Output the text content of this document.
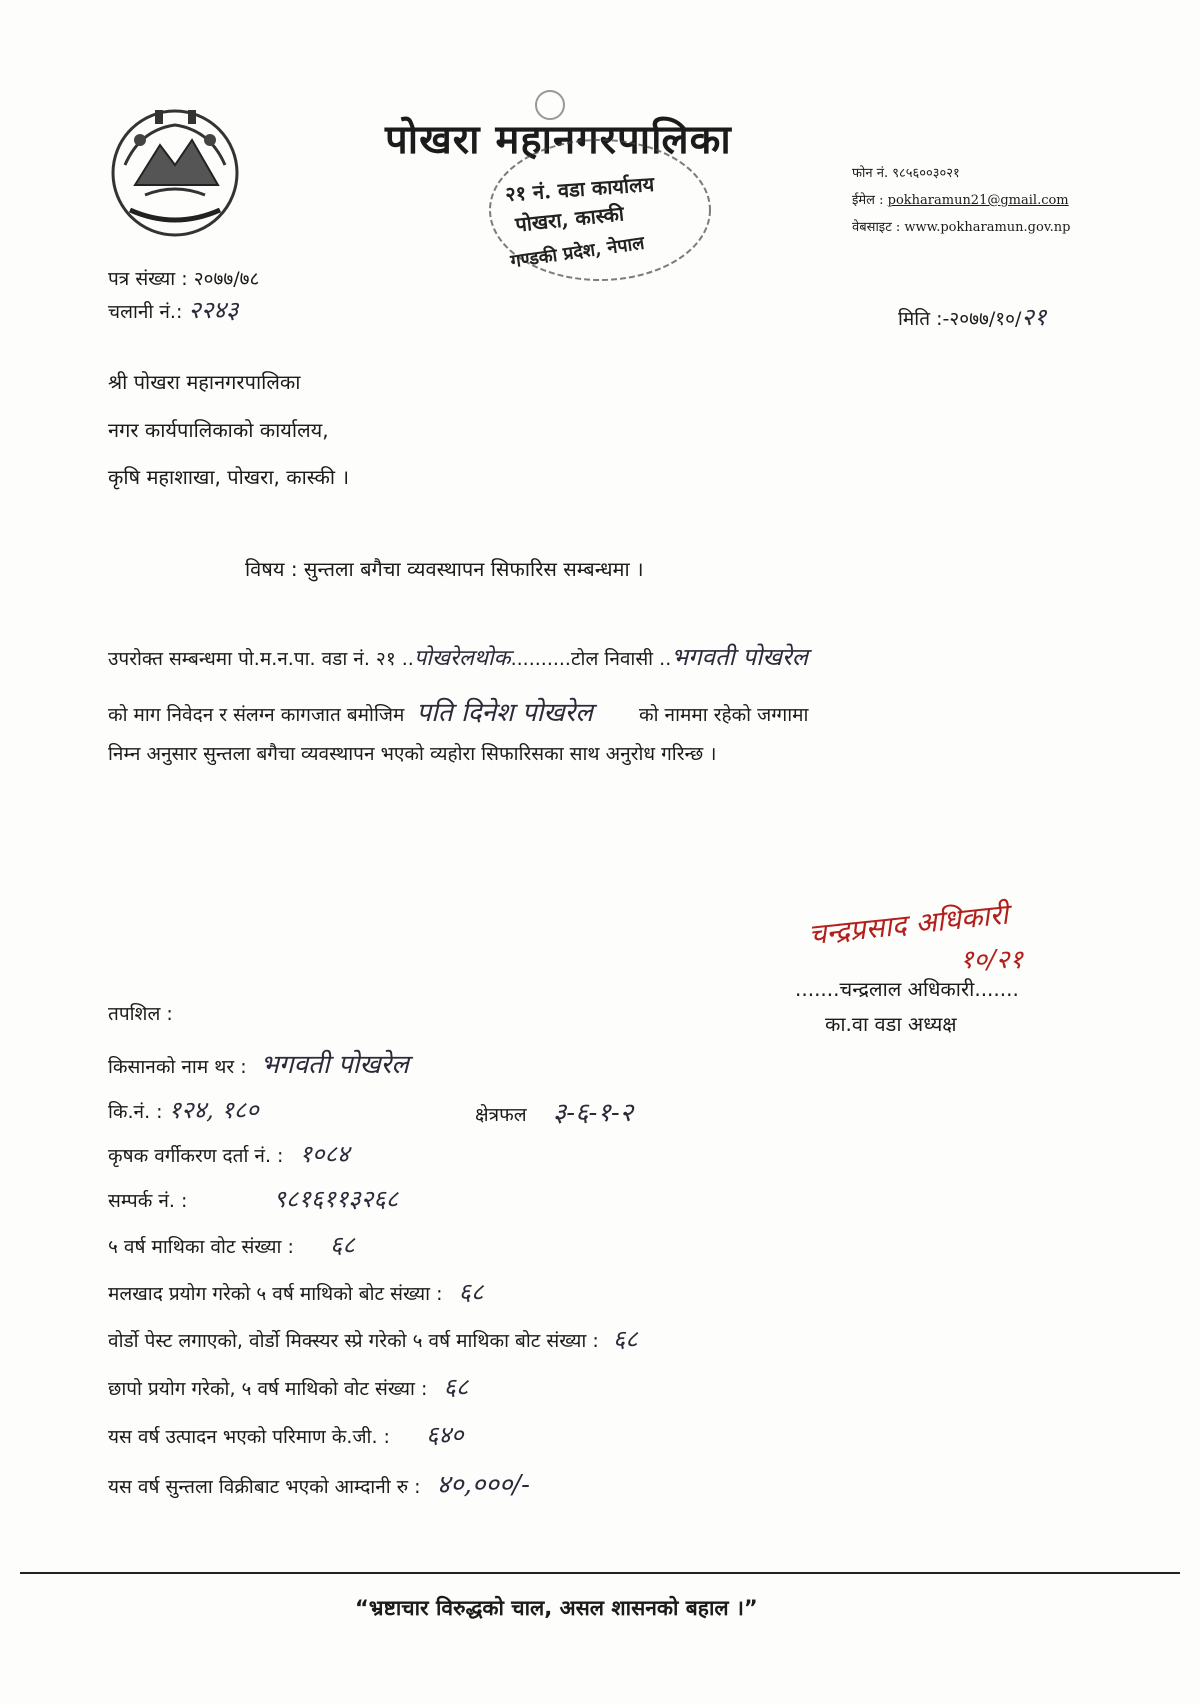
पोखरा महानगरपालिका
२१ नं. वडा कार्यालय
पोखरा, कास्की
गण्डकी प्रदेश, नेपाल
फोन नं. ९८५६००३०२१
ईमेल : pokharamun21@gmail.com
वेबसाइट : www.pokharamun.gov.np
पत्र संख्या : २०७७/७८
चलानी नं.: २२४३	मिति :-२०७७/१०/२१
श्री पोखरा महानगरपालिका
नगर कार्यपालिकाको कार्यालय,
कृषि महाशाखा, पोखरा, कास्की ।
विषय : सुन्तला बगैचा व्यवस्थापन सिफारिस सम्बन्धमा ।
उपरोक्त सम्बन्धमा पो.म.न.पा. वडा नं. २१ ..पोखरेलथोक..........टोल निवासी ..भगवती पोखरेल
को माग निवेदन र संलग्न कागजात बमोजिम पति दिनेश पोखरेल को नाममा रहेको जग्गामा
निम्न अनुसार सुन्तला बगैचा व्यवस्थापन भएको व्यहोरा सिफारिसका साथ अनुरोध गरिन्छ ।
चन्द्रप्रसाद अधिकारी
१०/२१
.......चन्द्रलाल अधिकारी.......
का.वा वडा अध्यक्ष
तपशिल :
किसानको नाम थर : भगवती पोखरेल
कि.नं. : १२४, १८०	क्षेत्रफल ३-६-१-२
कृषक वर्गीकरण दर्ता नं. : १०८४
सम्पर्क नं. :	९८१६११३२६८
५ वर्ष माथिका वोट संख्या : ६८
मलखाद प्रयोग गरेको ५ वर्ष माथिको बोट संख्या : ६८
वोर्डो पेस्ट लगाएको, वोर्डो मिक्स्यर स्प्रे गरेको ५ वर्ष माथिका बोट संख्या : ६८
छापो प्रयोग गरेको, ५ वर्ष माथिको वोट संख्या : ६८
यस वर्ष उत्पादन भएको परिमाण के.जी. : ६४०
यस वर्ष सुन्तला विक्रीबाट भएको आम्दानी रु : ४०,०००/-
“भ्रष्टाचार विरुद्धको चाल, असल शासनको बहाल ।”
